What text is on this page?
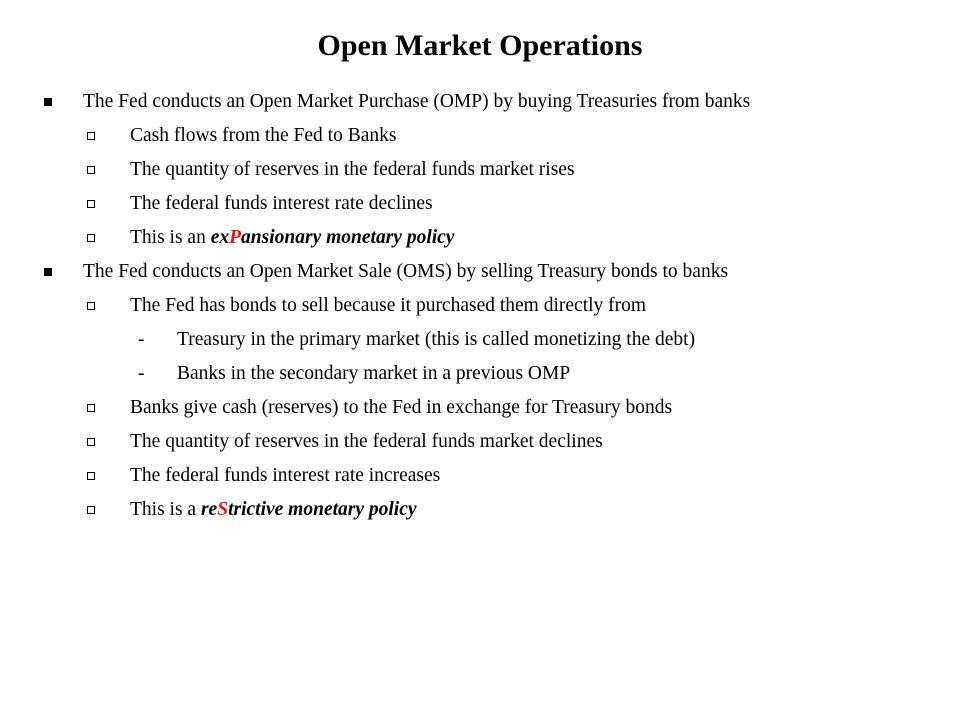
Open Market Operations
The Fed conducts an Open Market Purchase (OMP) by buying Treasuries from banks
Cash flows from the Fed to Banks
The quantity of reserves in the federal funds market rises
The federal funds interest rate declines
This is an exPansionary monetary policy
The Fed conducts an Open Market Sale (OMS) by selling Treasury bonds to banks
The Fed has bonds to sell because it purchased them directly from
- Treasury in the primary market (this is called monetizing the debt)
- Banks in the secondary market in a previous OMP
Banks give cash (reserves) to the Fed in exchange for Treasury bonds
The quantity of reserves in the federal funds market declines
The federal funds interest rate increases
This is a reStrictive monetary policy
